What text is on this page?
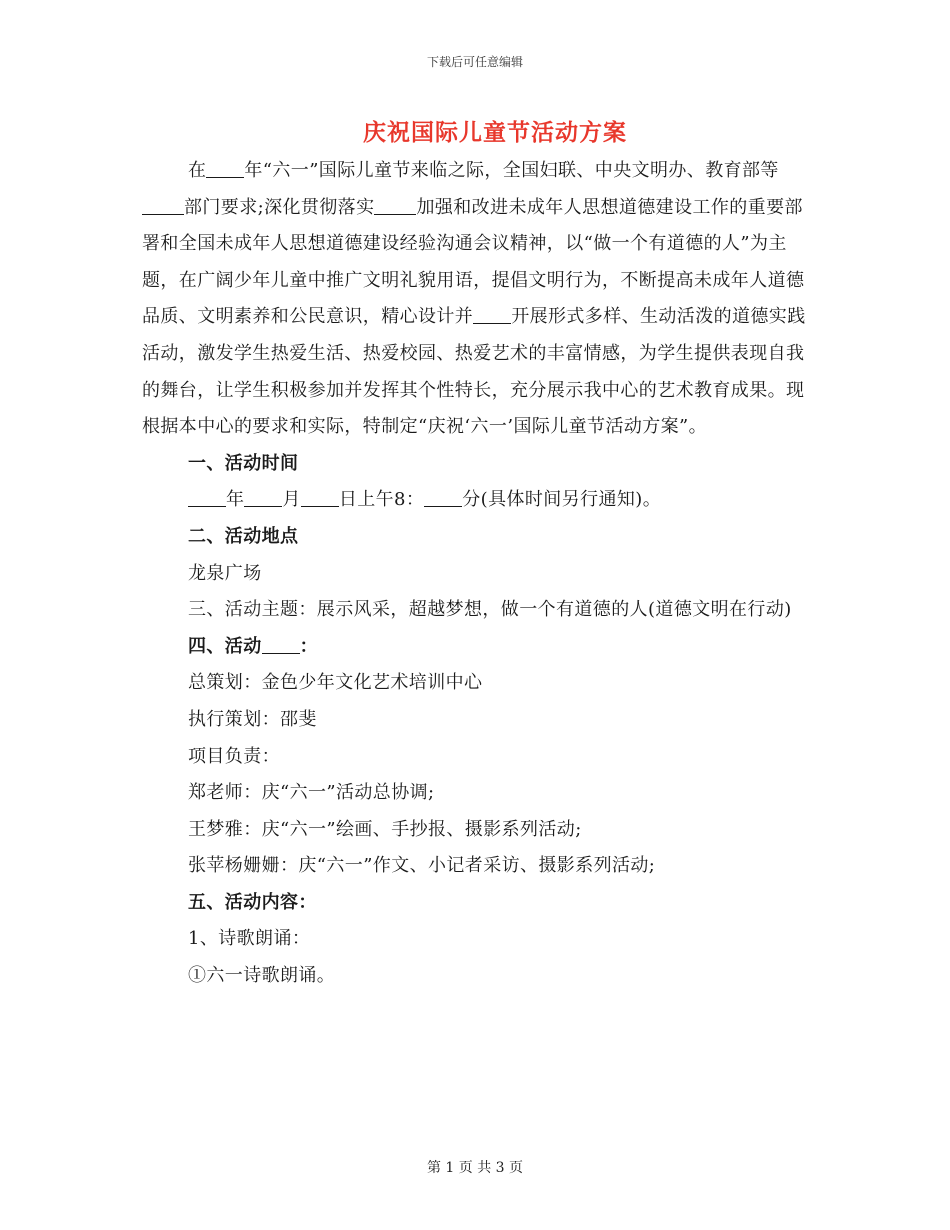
下载后可任意编辑
庆祝国际儿童节活动方案

在 年“六一”国际儿童节来临之际，全国妇联、中央文明办、教育部等部门要求;深化贯彻落实 加强和改进未成年人思想道德建设工作的重要部署和全国未成年人思想道德建设经验沟通会议精神，以“做一个有道德的人”为主题，在广阔少年儿童中推广文明礼貌用语，提倡文明行为，不断提高未成年人道德品质、文明素养和公民意识，精心设计并 开展形式多样、生动活泼的道德实践活动，激发学生热爱生活、热爱校园、热爱艺术的丰富情感，为学生提供表现自我的舞台，让学生积极参加并发挥其个性特长，充分展示我中心的艺术教育成果。现根据本中心的要求和实际，特制定“庆祝‘六一’国际儿童节活动方案”。

一、活动时间

年 月 日上午8： 分(具体时间另行通知)。

二、活动地点

龙泉广场

三、活动主题：展示风采，超越梦想，做一个有道德的人(道德文明在行动)

四、活动 ：

总策划：金色少年文化艺术培训中心

执行策划：邵斐

项目负责：

郑老师：庆“六一”活动总协调;

王梦雅：庆“六一”绘画、手抄报、摄影系列活动;

张苹杨姗姗：庆“六一”作文、小记者采访、摄影系列活动;

五、活动内容：

1、诗歌朗诵：

①六一诗歌朗诵。

第 1 页 共 3 页
